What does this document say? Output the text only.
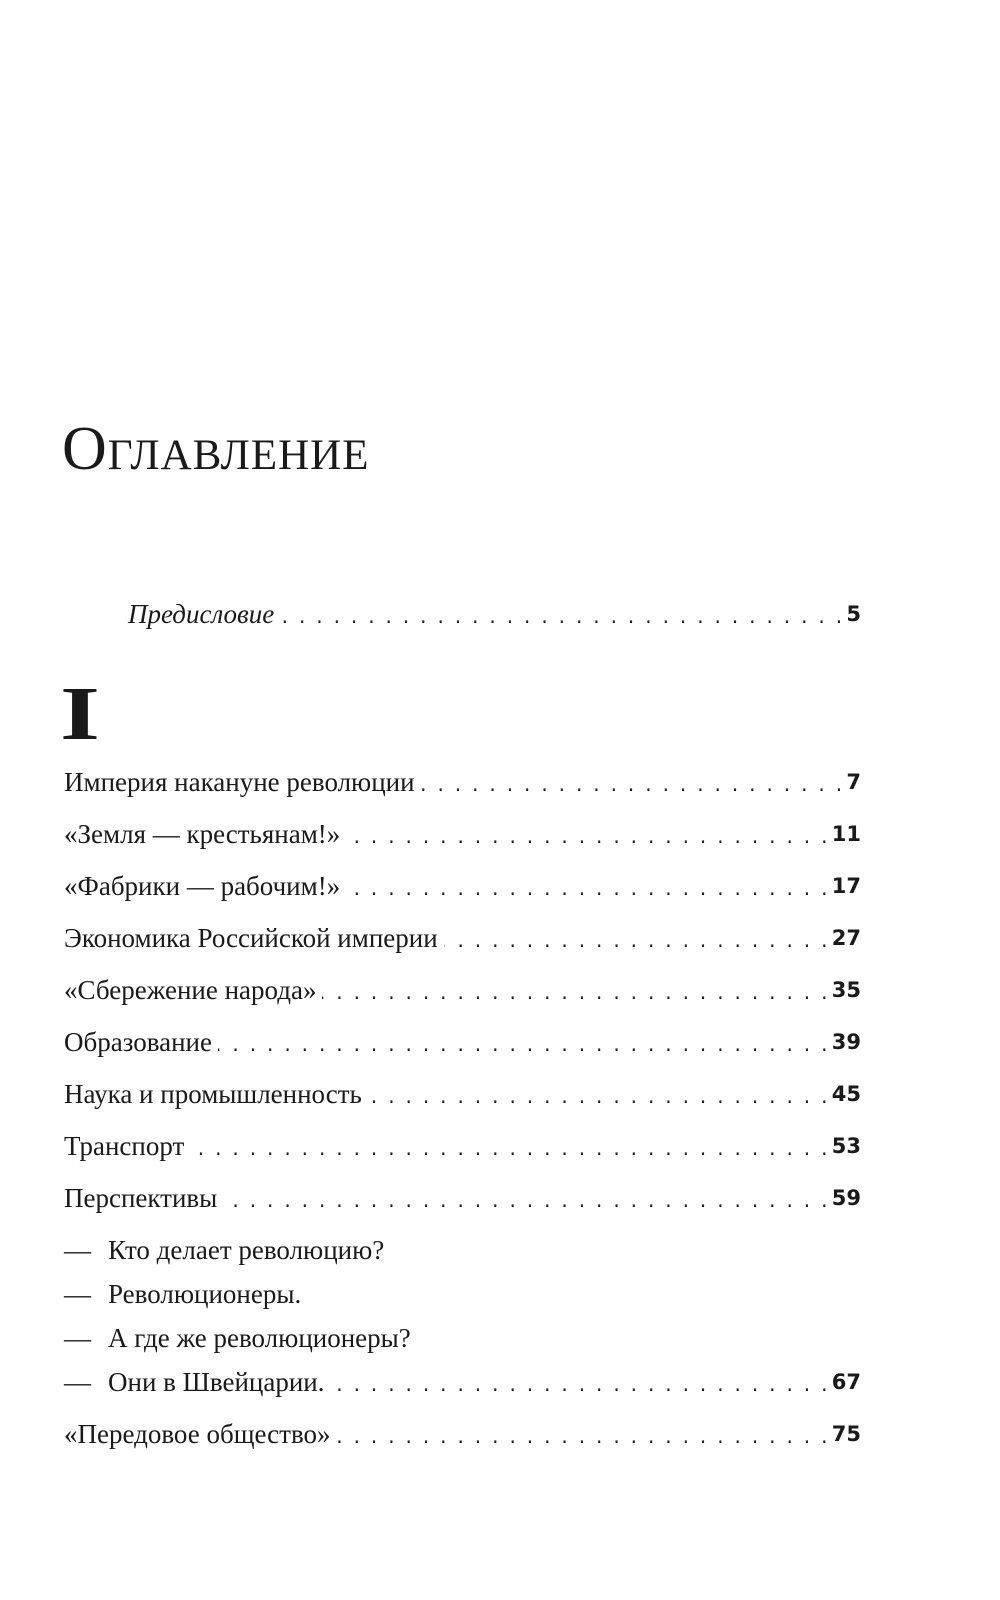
Оглавление
Предисловие . . .	5
I
Империя накануне революции . . .	7
«Земля — крестьянам!» . . .	11
«Фабрики — рабочим!» . . .	17
Экономика Российской империи . . .	27
«Сбережение народа» . . .	35
Образование . . .	39
Наука и промышленность . . .	45
Транспорт . . .	53
Перспективы . . .	59
— Кто делает революцию?
— Революционеры.
— А где же революционеры?
— Они в Швейцарии. . . .	67
«Передовое общество» . . .	75
